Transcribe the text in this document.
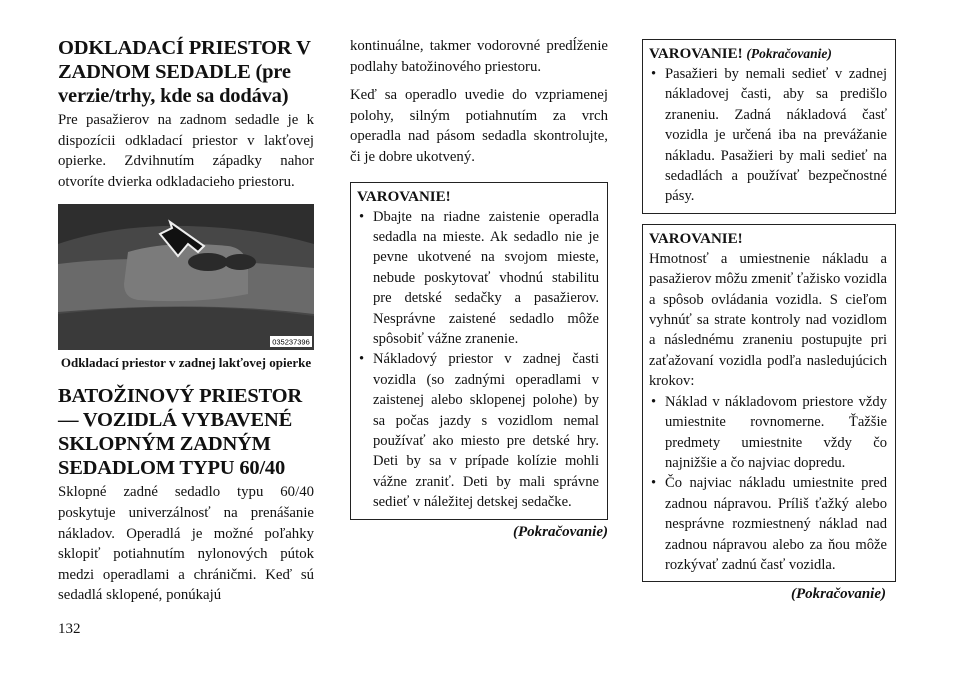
ODKLADACÍ PRIESTOR V ZADNOM SEDADLE (pre verzie/trhy, kde sa dodáva)

Pre pasažierov na zadnom sedadle je k dispozícii odkladací priestor v lakťovej opierke. Zdvihnutím západky nahor otvoríte dvierka odkladacieho priestoru.

035237396
Odkladací priestor v zadnej lakťovej opierke
BATOŽINOVÝ PRIESTOR — VOZIDLÁ VYBAVENÉ SKLOPNÝM ZADNÝM SEDADLOM TYPU 60/40

Sklopné zadné sedadlo typu 60/40 poskytuje univerzálnosť na prenášanie nákladov. Operadlá je možné poľahky sklopiť potiahnutím nylonových pútok medzi operadlami a chráničmi. Keď sú sedadlá sklopené, ponúkajú

kontinuálne, takmer vodorovné predĺženie podlahy batožinového priestoru.

Keď sa operadlo uvedie do vzpriamenej polohy, silným potiahnutím za vrch operadla nad pásom sedadla skontrolujte, či je dobre ukotvený.

VAROVANIE!
• Dbajte na riadne zaistenie operadla sedadla na mieste. Ak sedadlo nie je pevne ukotvené na svojom mieste, nebude poskytovať vhodnú stabilitu pre detské sedačky a pasažierov. Nesprávne zaistené sedadlo môže spôsobiť vážne zranenie.
• Nákladový priestor v zadnej časti vozidla (so zadnými operadlami v zaistenej alebo sklopenej polohe) by sa počas jazdy s vozidlom nemal používať ako miesto pre detské hry. Deti by sa v prípade kolízie mohli vážne zraniť. Deti by mali správne sedieť v náležitej detskej sedačke.
(Pokračovanie)
VAROVANIE! (Pokračovanie)
• Pasažieri by nemali sedieť v zadnej nákladovej časti, aby sa predišlo zraneniu. Zadná nákladová časť vozidla je určená iba na prevážanie nákladu. Pasažieri by mali sedieť na sedadlách a používať bezpečnostné pásy.
VAROVANIE!

Hmotnosť a umiestnenie nákladu a pasažierov môžu zmeniť ťažisko vozidla a spôsob ovládania vozidla. S cieľom vyhnúť sa strate kontroly nad vozidlom a následnému zraneniu postupujte pri zaťažovaní vozidla podľa nasledujúcich krokov:

• Náklad v nákladovom priestore vždy umiestnite rovnomerne. Ťažšie predmety umiestnite vždy čo najnižšie a čo najviac dopredu.
• Čo najviac nákladu umiestnite pred zadnou nápravou. Príliš ťažký alebo nesprávne rozmiestnený náklad nad zadnou nápravou alebo za ňou môže rozkývať zadnú časť vozidla.
(Pokračovanie)
132
